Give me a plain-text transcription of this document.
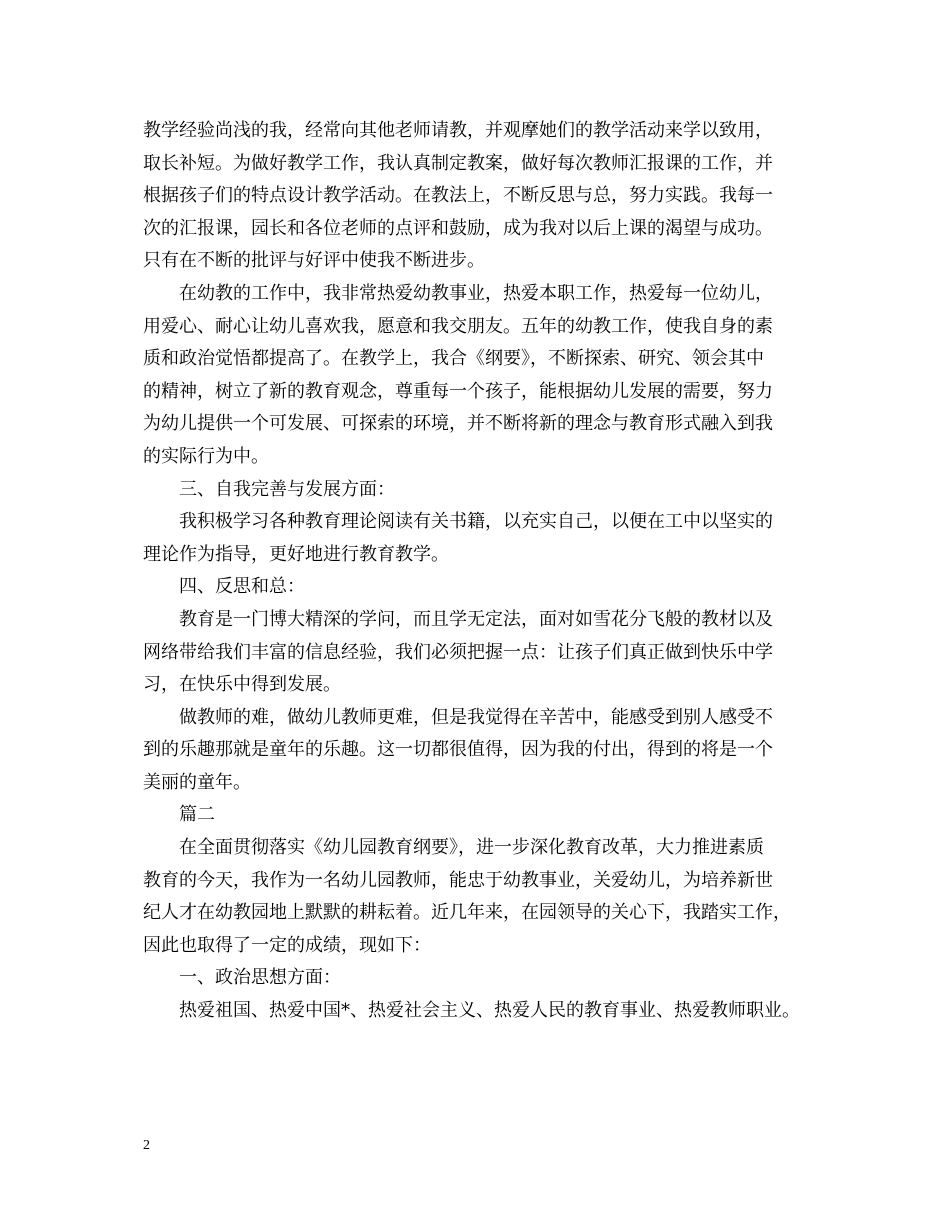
教学经验尚浅的我，经常向其他老师请教，并观摩她们的教学活动来学以致用，
取长补短。为做好教学工作，我认真制定教案，做好每次教师汇报课的工作，并
根据孩子们的特点设计教学活动。在教法上，不断反思与总，努力实践。我每一
次的汇报课，园长和各位老师的点评和鼓励，成为我对以后上课的渴望与成功。
只有在不断的批评与好评中使我不断进步。

在幼教的工作中，我非常热爱幼教事业，热爱本职工作，热爱每一位幼儿，
用爱心、耐心让幼儿喜欢我，愿意和我交朋友。五年的幼教工作，使我自身的素
质和政治觉悟都提高了。在教学上，我合《纲要》，不断探索、研究、领会其中
的精神，树立了新的教育观念，尊重每一个孩子，能根据幼儿发展的需要，努力
为幼儿提供一个可发展、可探索的环境，并不断将新的理念与教育形式融入到我
的实际行为中。

三、自我完善与发展方面：

我积极学习各种教育理论阅读有关书籍，以充实自己，以便在工中以坚实的
理论作为指导，更好地进行教育教学。

四、反思和总：

教育是一门博大精深的学问，而且学无定法，面对如雪花分飞般的教材以及
网络带给我们丰富的信息经验，我们必须把握一点：让孩子们真正做到快乐中学
习，在快乐中得到发展。

做教师的难，做幼儿教师更难，但是我觉得在辛苦中，能感受到别人感受不
到的乐趣那就是童年的乐趣。这一切都很值得，因为我的付出，得到的将是一个
美丽的童年。

篇二

在全面贯彻落实《幼儿园教育纲要》，进一步深化教育改革，大力推进素质
教育的今天，我作为一名幼儿园教师，能忠于幼教事业，关爱幼儿，为培养新世
纪人才在幼教园地上默默的耕耘着。近几年来，在园领导的关心下，我踏实工作，
因此也取得了一定的成绩，现如下：

一、政治思想方面：

热爱祖国、热爱中国*、热爱社会主义、热爱人民的教育事业、热爱教师职业。

2
